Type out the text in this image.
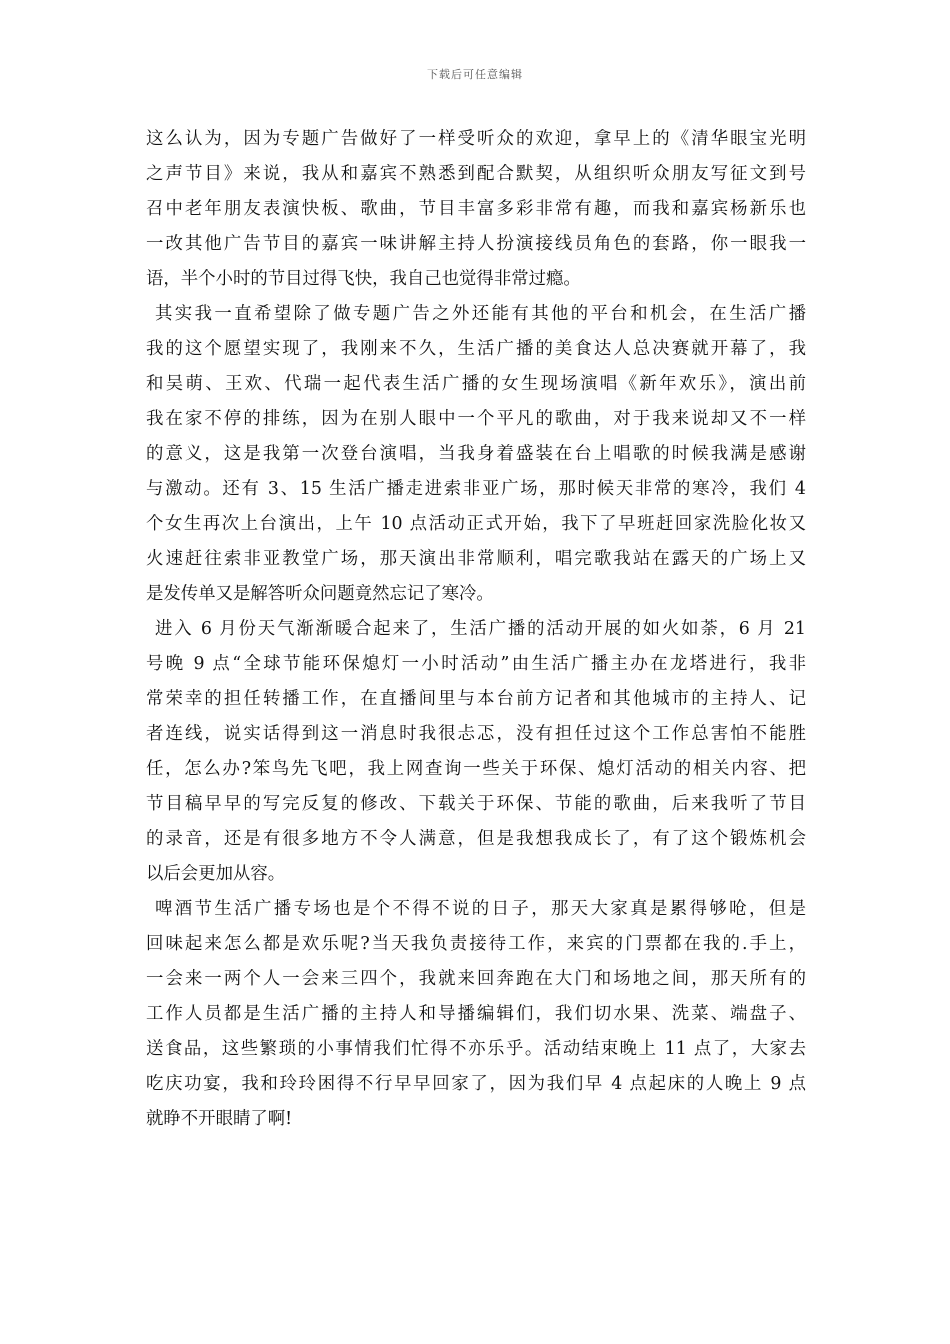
下载后可任意编辑
这么认为，因为专题广告做好了一样受听众的欢迎，拿早上的《清华眼宝光明
之声节目》来说，我从和嘉宾不熟悉到配合默契，从组织听众朋友写征文到号
召中老年朋友表演快板、歌曲，节目丰富多彩非常有趣，而我和嘉宾杨新乐也
一改其他广告节目的嘉宾一味讲解主持人扮演接线员角色的套路，你一眼我一
语，半个小时的节目过得飞快，我自己也觉得非常过瘾。
其实我一直希望除了做专题广告之外还能有其他的平台和机会，在生活广播
我的这个愿望实现了，我刚来不久，生活广播的美食达人总决赛就开幕了，我
和吴萌、王欢、代瑞一起代表生活广播的女生现场演唱《新年欢乐》，演出前
我在家不停的排练，因为在别人眼中一个平凡的歌曲，对于我来说却又不一样
的意义，这是我第一次登台演唱，当我身着盛装在台上唱歌的时候我满是感谢
与激动。还有 3、15 生活广播走进索非亚广场，那时候天非常的寒冷，我们 4
个女生再次上台演出，上午 10 点活动正式开始，我下了早班赶回家洗脸化妆又
火速赶往索非亚教堂广场，那天演出非常顺利，唱完歌我站在露天的广场上又
是发传单又是解答听众问题竟然忘记了寒冷。
进入 6 月份天气渐渐暖合起来了，生活广播的活动开展的如火如荼，6 月 21
号晚 9 点“全球节能环保熄灯一小时活动”由生活广播主办在龙塔进行，我非
常荣幸的担任转播工作，在直播间里与本台前方记者和其他城市的主持人、记
者连线，说实话得到这一消息时我很忐忑，没有担任过这个工作总害怕不能胜
任，怎么办?笨鸟先飞吧，我上网查询一些关于环保、熄灯活动的相关内容、把
节目稿早早的写完反复的修改、下载关于环保、节能的歌曲，后来我听了节目
的录音，还是有很多地方不令人满意，但是我想我成长了，有了这个锻炼机会
以后会更加从容。
啤酒节生活广播专场也是个不得不说的日子，那天大家真是累得够呛，但是
回味起来怎么都是欢乐呢?当天我负责接待工作，来宾的门票都在我的.手上，
一会来一两个人一会来三四个，我就来回奔跑在大门和场地之间，那天所有的
工作人员都是生活广播的主持人和导播编辑们，我们切水果、洗菜、端盘子、
送食品，这些繁琐的小事情我们忙得不亦乐乎。活动结束晚上 11 点了，大家去
吃庆功宴，我和玲玲困得不行早早回家了，因为我们早 4 点起床的人晚上 9 点
就睁不开眼睛了啊!
